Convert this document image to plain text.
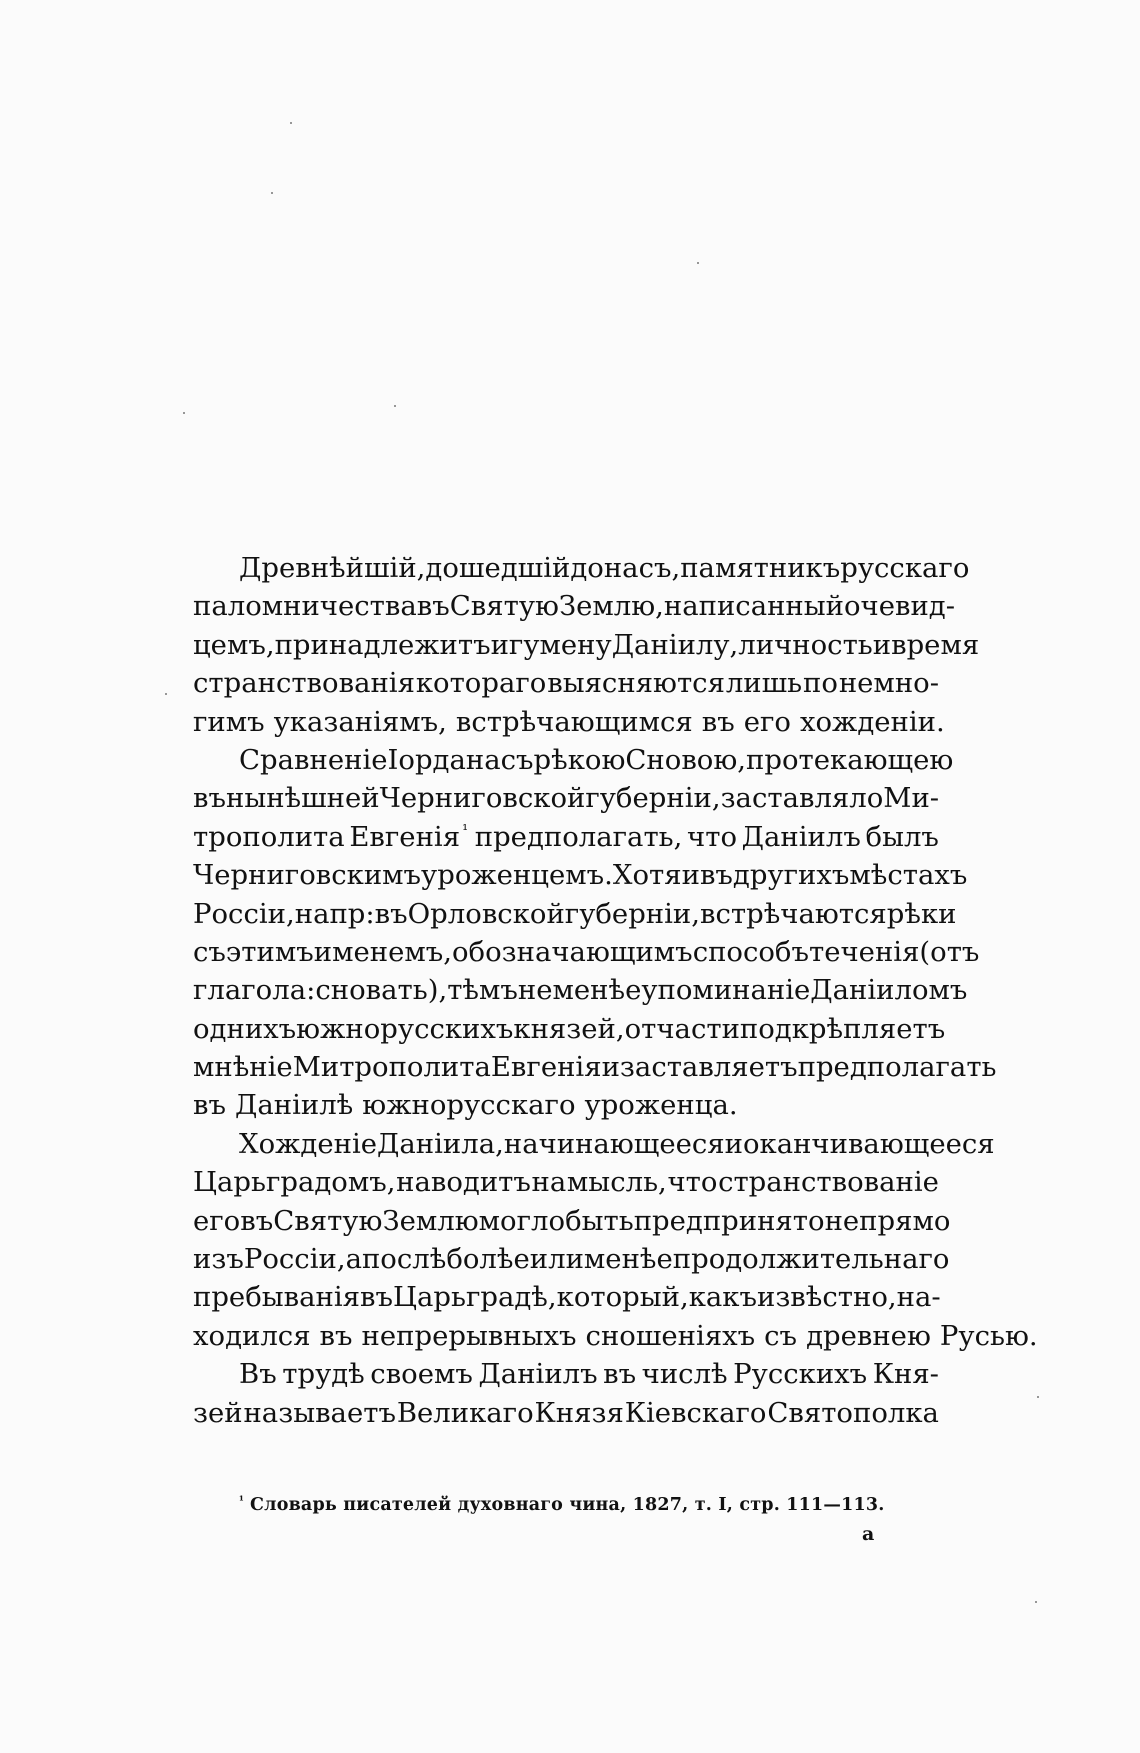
Древнѣйшій, дошедшій до насъ, памятникъ русскаго
паломничества въ Святую Землю, написанный очевид-
цемъ, принадлежитъ игумену Даніилу, личность и время
странствованія котораго выясняются лишь по немно-
гимъ указаніямъ, встрѣчающимся въ его хожденіи.
Сравненіе Іордана съ рѣкою Сновою, протекающею
въ нынѣшней Черниговской губерніи, заставляло Ми-
трополита Евгенія $^{^1}$ предполагать, что Даніилъ былъ
Черниговскимъ уроженцемъ. Хотя и въ другихъ мѣстахъ
Россіи, напр: въ Орловской губерніи, встрѣчаются рѣки
съ этимъ именемъ, обозначающимъ способъ теченія (отъ
глагола: сновать), тѣмъ не менѣе упоминаніе Даніиломъ
однихъ южнорусскихъ князей, отчасти подкрѣпляетъ
мнѣніе Митрополита Евгенія и заставляетъ предполагать
въ Даніилѣ южнорусскаго уроженца.
Хожденіе Даніила, начинающееся и оканчивающееся
Царьградомъ, наводитъ на мысль, что странствованіе
его въ Святую Землю могло быть предпринято не прямо
изъ Россіи, а послѣ болѣе или менѣе продолжительнаго
пребыванія въ Царьградѣ, который, какъ извѣстно, на-
ходился въ непрерывныхъ сношеніяхъ съ древнею Русью.
Въ трудѣ своемъ Даніилъ въ числѣ Русскихъ Кня-
зей называетъ Великаго Князя Кіевскаго Святополка
$^{^1}$ Словарь писателей духовнаго чина, 1827, т. I, стр. 111—113.
a
